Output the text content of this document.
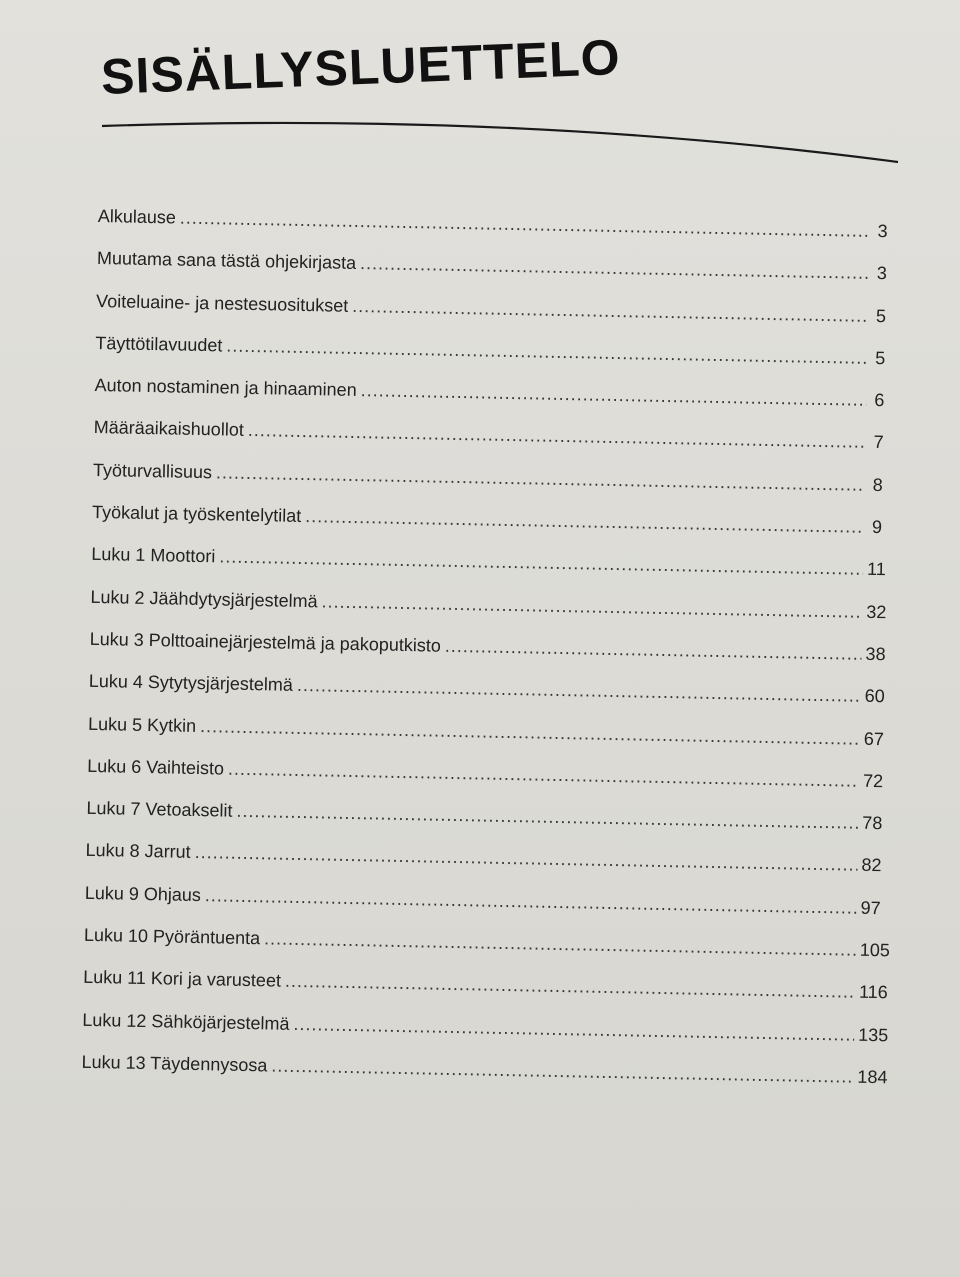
SISÄLLYSLUETTELO
Alkulause
.....
3
Muutama sana tästä ohjekirjasta
.....
3
Voiteluaine- ja nestesuositukset
.....
5
Täyttötilavuudet
.....
5
Auton nostaminen ja hinaaminen
.....
6
Määräaikaishuollot
.....
7
Työturvallisuus
.....
8
Työkalut ja työskentelytilat
.....
9
Luku 1 Moottori
.....
11
Luku 2 Jäähdytysjärjestelmä
.....
32
Luku 3 Polttoainejärjestelmä ja pakoputkisto
.....	38
Luku 4 Sytytysjärjestelmä
.....
60
Luku 5 Kytkin
.....
67
Luku 6 Vaihteisto
.....
72
Luku 7 Vetoakselit
.....
78
Luku 8 Jarrut
.....
82
Luku 9 Ohjaus
.....
97
Luku 10 Pyöräntuenta
.....
105
Luku 11 Kori ja varusteet
.....
116
Luku 12 Sähköjärjestelmä
.....
135
Luku 13 Täydennysosa
.....
184
